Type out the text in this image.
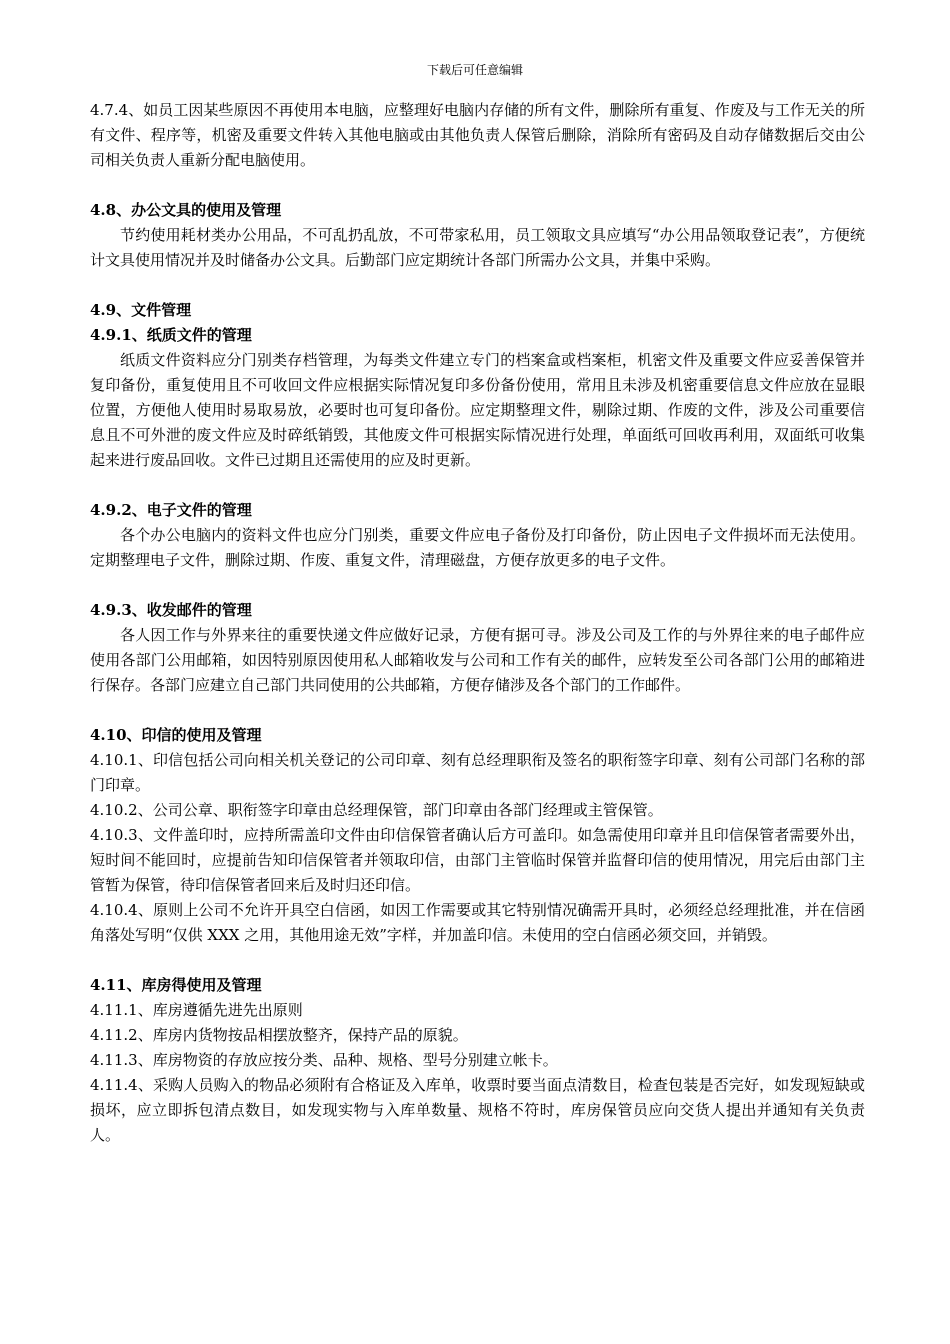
下载后可任意编辑

4.7.4、如员工因某些原因不再使用本电脑，应整理好电脑内存储的所有文件，删除所有重复、作废及与工作无关的所有文件、程序等，机密及重要文件转入其他电脑或由其他负责人保管后删除，消除所有密码及自动存储数据后交由公司相关负责人重新分配电脑使用。

4.8、办公文具的使用及管理

节约使用耗材类办公用品，不可乱扔乱放，不可带家私用，员工领取文具应填写“办公用品领取登记表”，方便统计文具使用情况并及时储备办公文具。后勤部门应定期统计各部门所需办公文具，并集中采购。

4.9、文件管理

4.9.1、纸质文件的管理

纸质文件资料应分门别类存档管理，为每类文件建立专门的档案盒或档案柜，机密文件及重要文件应妥善保管并复印备份，重复使用且不可收回文件应根据实际情况复印多份备份使用，常用且未涉及机密重要信息文件应放在显眼位置，方便他人使用时易取易放，必要时也可复印备份。应定期整理文件，剔除过期、作废的文件，涉及公司重要信息且不可外泄的废文件应及时碎纸销毁，其他废文件可根据实际情况进行处理，单面纸可回收再利用，双面纸可收集起来进行废品回收。文件已过期且还需使用的应及时更新。

4.9.2、电子文件的管理

各个办公电脑内的资料文件也应分门别类，重要文件应电子备份及打印备份，防止因电子文件损坏而无法使用。定期整理电子文件，删除过期、作废、重复文件，清理磁盘，方便存放更多的电子文件。

4.9.3、收发邮件的管理

各人因工作与外界来往的重要快递文件应做好记录，方便有据可寻。涉及公司及工作的与外界往来的电子邮件应使用各部门公用邮箱，如因特别原因使用私人邮箱收发与公司和工作有关的邮件，应转发至公司各部门公用的邮箱进行保存。各部门应建立自己部门共同使用的公共邮箱，方便存储涉及各个部门的工作邮件。

4.10、印信的使用及管理

4.10.1、印信包括公司向相关机关登记的公司印章、刻有总经理职衔及签名的职衔签字印章、刻有公司部门名称的部门印章。

4.10.2、公司公章、职衔签字印章由总经理保管，部门印章由各部门经理或主管保管。

4.10.3、文件盖印时，应持所需盖印文件由印信保管者确认后方可盖印。如急需使用印章并且印信保管者需要外出，短时间不能回时，应提前告知印信保管者并领取印信，由部门主管临时保管并监督印信的使用情况，用完后由部门主管暂为保管，待印信保管者回来后及时归还印信。

4.10.4、原则上公司不允许开具空白信函，如因工作需要或其它特别情况确需开具时，必须经总经理批准，并在信函角落处写明“仅供 XXX 之用，其他用途无效”字样，并加盖印信。未使用的空白信函必须交回，并销毁。

4.11、库房得使用及管理

4.11.1、库房遵循先进先出原则

4.11.2、库房内货物按品相摆放整齐，保持产品的原貌。

4.11.3、库房物资的存放应按分类、品种、规格、型号分别建立帐卡。

4.11.4、采购人员购入的物品必须附有合格证及入库单，收票时要当面点清数目，检查包装是否完好，如发现短缺或损坏，应立即拆包清点数目，如发现实物与入库单数量、规格不符时，库房保管员应向交货人提出并通知有关负责人。
